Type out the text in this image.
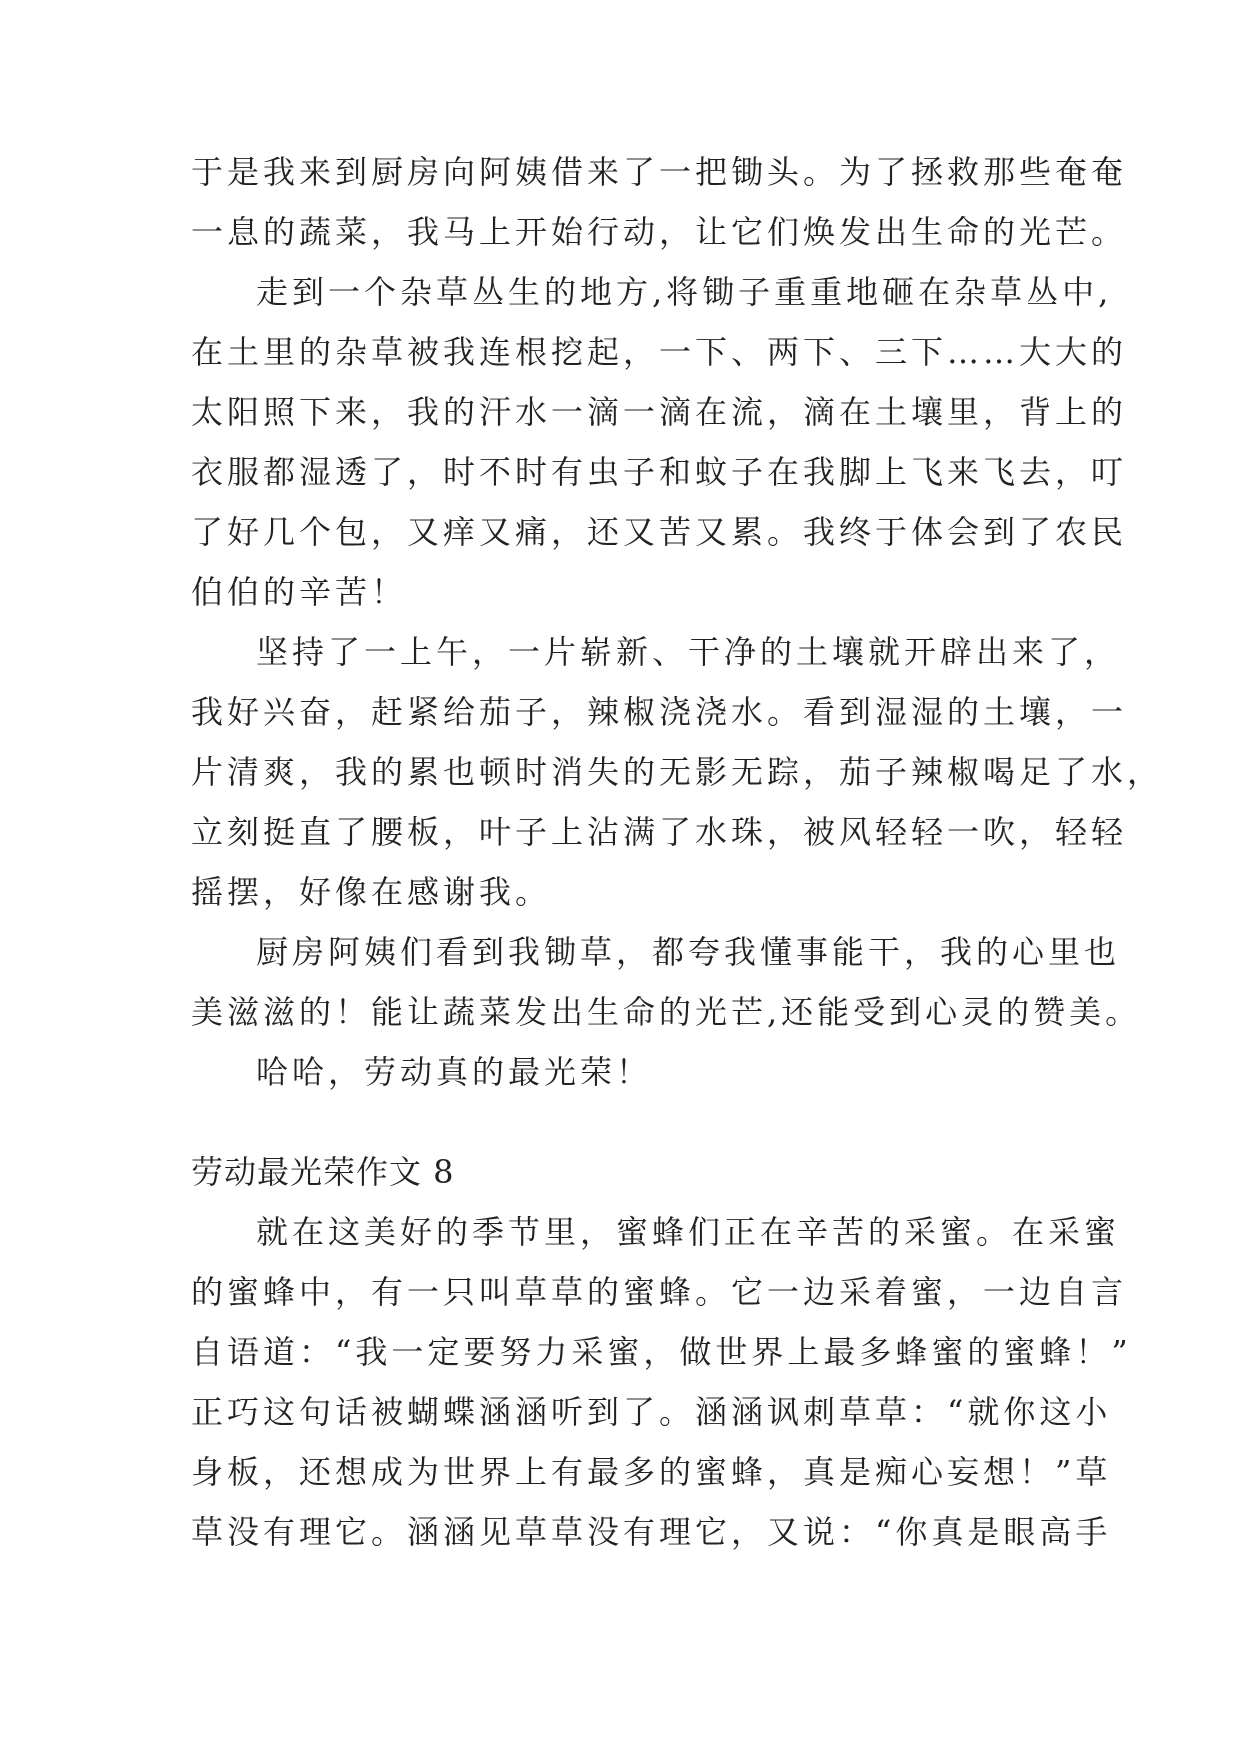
于是我来到厨房向阿姨借来了一把锄头。为了拯救那些奄奄
一息的蔬菜，我马上开始行动，让它们焕发出生命的光芒。
走到一个杂草丛生的地方,将锄子重重地砸在杂草丛中,
在土里的杂草被我连根挖起，一下、两下、三下……大大的
太阳照下来，我的汗水一滴一滴在流，滴在土壤里，背上的
衣服都湿透了，时不时有虫子和蚊子在我脚上飞来飞去，叮
了好几个包，又痒又痛，还又苦又累。我终于体会到了农民
伯伯的辛苦！
坚持了一上午，一片崭新、干净的土壤就开辟出来了，
我好兴奋，赶紧给茄子，辣椒浇浇水。看到湿湿的土壤，一
片清爽，我的累也顿时消失的无影无踪，茄子辣椒喝足了水，
立刻挺直了腰板，叶子上沾满了水珠，被风轻轻一吹，轻轻
摇摆，好像在感谢我。
厨房阿姨们看到我锄草，都夸我懂事能干，我的心里也
美滋滋的！能让蔬菜发出生命的光芒,还能受到心灵的赞美。
哈哈，劳动真的最光荣！
劳动最光荣作文 8
就在这美好的季节里，蜜蜂们正在辛苦的采蜜。在采蜜
的蜜蜂中，有一只叫草草的蜜蜂。它一边采着蜜，一边自言
自语道：“我一定要努力采蜜，做世界上最多蜂蜜的蜜蜂！”
正巧这句话被蝴蝶涵涵听到了。涵涵讽刺草草：“就你这小
身板，还想成为世界上有最多的蜜蜂，真是痴心妄想！”草
草没有理它。涵涵见草草没有理它，又说：“你真是眼高手
